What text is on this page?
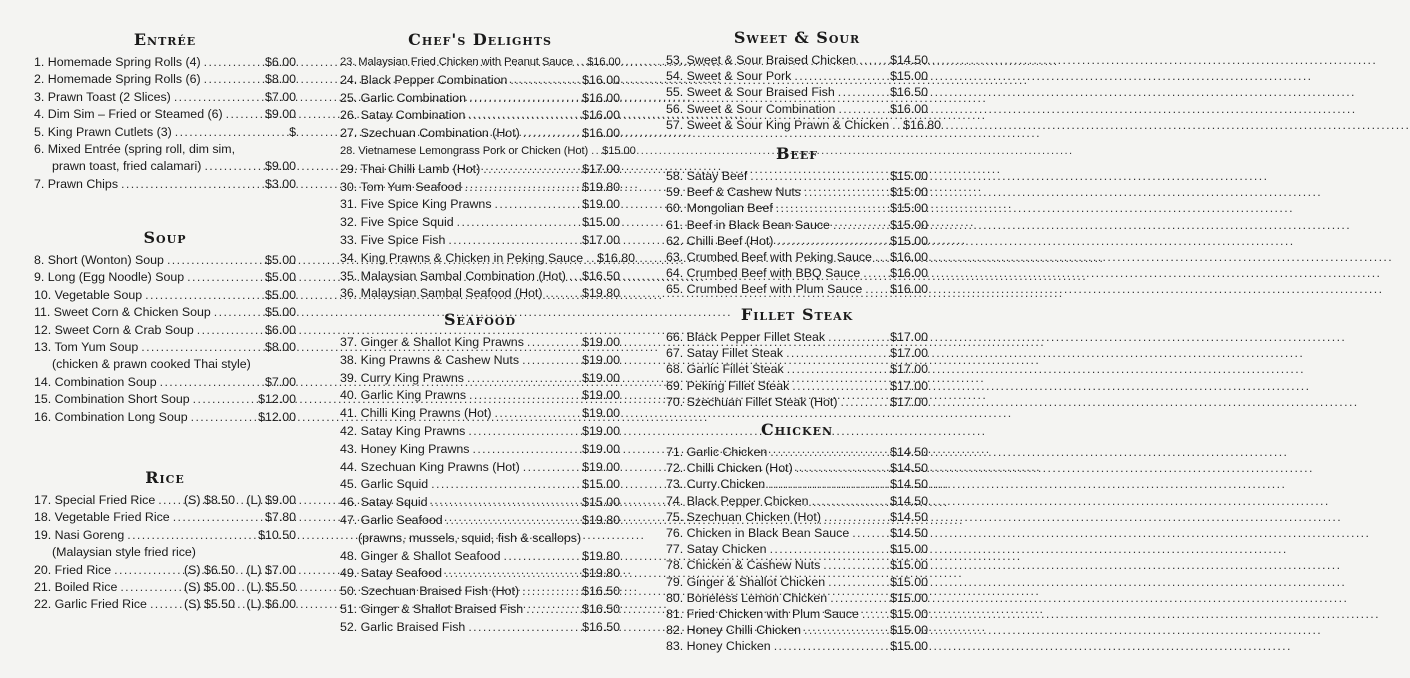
Entrée
1. Homemade Spring Rolls (4) .....	$6.00
2. Homemade Spring Rolls (6) .....	$8.00
3. Prawn Toast (2 Slices) .....	$7.00
4. Dim Sim – Fried or Steamed (6) .....	$9.00
5. King Prawn Cutlets (3) .....	$
6. Mixed Entrée (spring roll, dim sim,
prawn toast, fried calamari) .....	$9.00
7. Prawn Chips .....	$3.00
Soup
8. Short (Wonton) Soup .....	$5.00
9. Long (Egg Noodle) Soup .....	$5.00
10. Vegetable Soup .....	$5.00
11. Sweet Corn & Chicken Soup .....	$5.00
12. Sweet Corn & Crab Soup .....	$6.00
13. Tom Yum Soup .....	$8.00
(chicken & prawn cooked Thai style)
14. Combination Soup .....	$7.00
15. Combination Short Soup .....	$12.00
16. Combination Long Soup .....	$12.00
Rice
17. Special Fried Rice ..... (S) $8.50 (L) $9.00
18. Vegetable Fried Rice .....	$7.80
19. Nasi Goreng .....	$10.50
(Malaysian style fried rice)
20. Fried Rice .....	(S) $6.50 (L) $7.00
21. Boiled Rice .....	(S) $5.00 (L) $5.50
22. Garlic Fried Rice .....	(S) $5.50 (L) $6.00
Chef's Delights
23. Malaysian Fried Chicken with Peanut Sauce ..... $16.00
24. Black Pepper Combination .....	$16.00
25. Garlic Combination .....	$16.00
26. Satay Combination .....	$16.00
27. Szechuan Combination (Hot) .....	$16.00
28. Vietnamese Lemongrass Pork or Chicken (Hot) ..... $15.00
29. Thai Chilli Lamb (Hot) .....	$17.00
30. Tom Yum Seafood .....	$19.80
31. Five Spice King Prawns .....	$19.00
32. Five Spice Squid .....	$15.00
33. Five Spice Fish .....	$17.00
34. King Prawns & Chicken in Peking Sauce ..... $16.80
35. Malaysian Sambal Combination (Hot) ..... $16.50
36. Malaysian Sambal Seafood (Hot) .....	$19.80
Seafood
37. Ginger & Shallot King Prawns .....	$19.00
38. King Prawns & Cashew Nuts .....	$19.00
39. Curry King Prawns .....	$19.00
40. Garlic King Prawns .....	$19.00
41. Chilli King Prawns (Hot) .....	$19.00
42. Satay King Prawns .....	$19.00
43. Honey King Prawns .....	$19.00
44. Szechuan King Prawns (Hot) .....	$19.00
45. Garlic Squid .....	$15.00
46. Satay Squid .....	$15.00
47. Garlic Seafood .....	$19.80
(prawns, mussels, squid, fish & scallops)
48. Ginger & Shallot Seafood .....	$19.80
49. Satay Seafood .....	$19.80
50. Szechuan Braised Fish (Hot) .....	$16.50
51. Ginger & Shallot Braised Fish .....	$16.50
52. Garlic Braised Fish .....	$16.50
Sweet & Sour
53. Sweet & Sour Braised Chicken .....	$14.50
54. Sweet & Sour Pork .....	$15.00
55. Sweet & Sour Braised Fish .....	$16.50
56. Sweet & Sour Combination .....	$16.00
57. Sweet & Sour King Prawn & Chicken ..... $16.80
Beef
58. Satay Beef .....	$15.00
59. Beef & Cashew Nuts .....	$15.00
60. Mongolian Beef .....	$15.00
61. Beef in Black Bean Sauce .....	$15.00
62. Chilli Beef (Hot) .....	$15.00
63. Crumbed Beef with Peking Sauce ..... $16.00
64. Crumbed Beef with BBQ Sauce ..... $16.00
65. Crumbed Beef with Plum Sauce ..... $16.00
Fillet Steak
66. Black Pepper Fillet Steak .....	$17.00
67. Satay Fillet Steak .....	$17.00
68. Garlic Fillet Steak .....	$17.00
69. Peking Fillet Steak .....	$17.00
70. Szechuan Fillet Steak (Hot) .....	$17.00
Chicken
71. Garlic Chicken .....	$14.50
72. Chilli Chicken (Hot) .....	$14.50
73. Curry Chicken .....	$14.50
74. Black Pepper Chicken .....	$14.50
75. Szechuan Chicken (Hot) .....	$14.50
76. Chicken in Black Bean Sauce .....	$14.50
77. Satay Chicken .....	$15.00
78. Chicken & Cashew Nuts .....	$15.00
79. Ginger & Shallot Chicken .....	$15.00
80. Boneless Lemon Chicken .....	$15.00
81. Fried Chicken with Plum Sauce .....	$15.00
82. Honey Chilli Chicken .....	$15.00
83. Honey Chicken .....	$15.00
